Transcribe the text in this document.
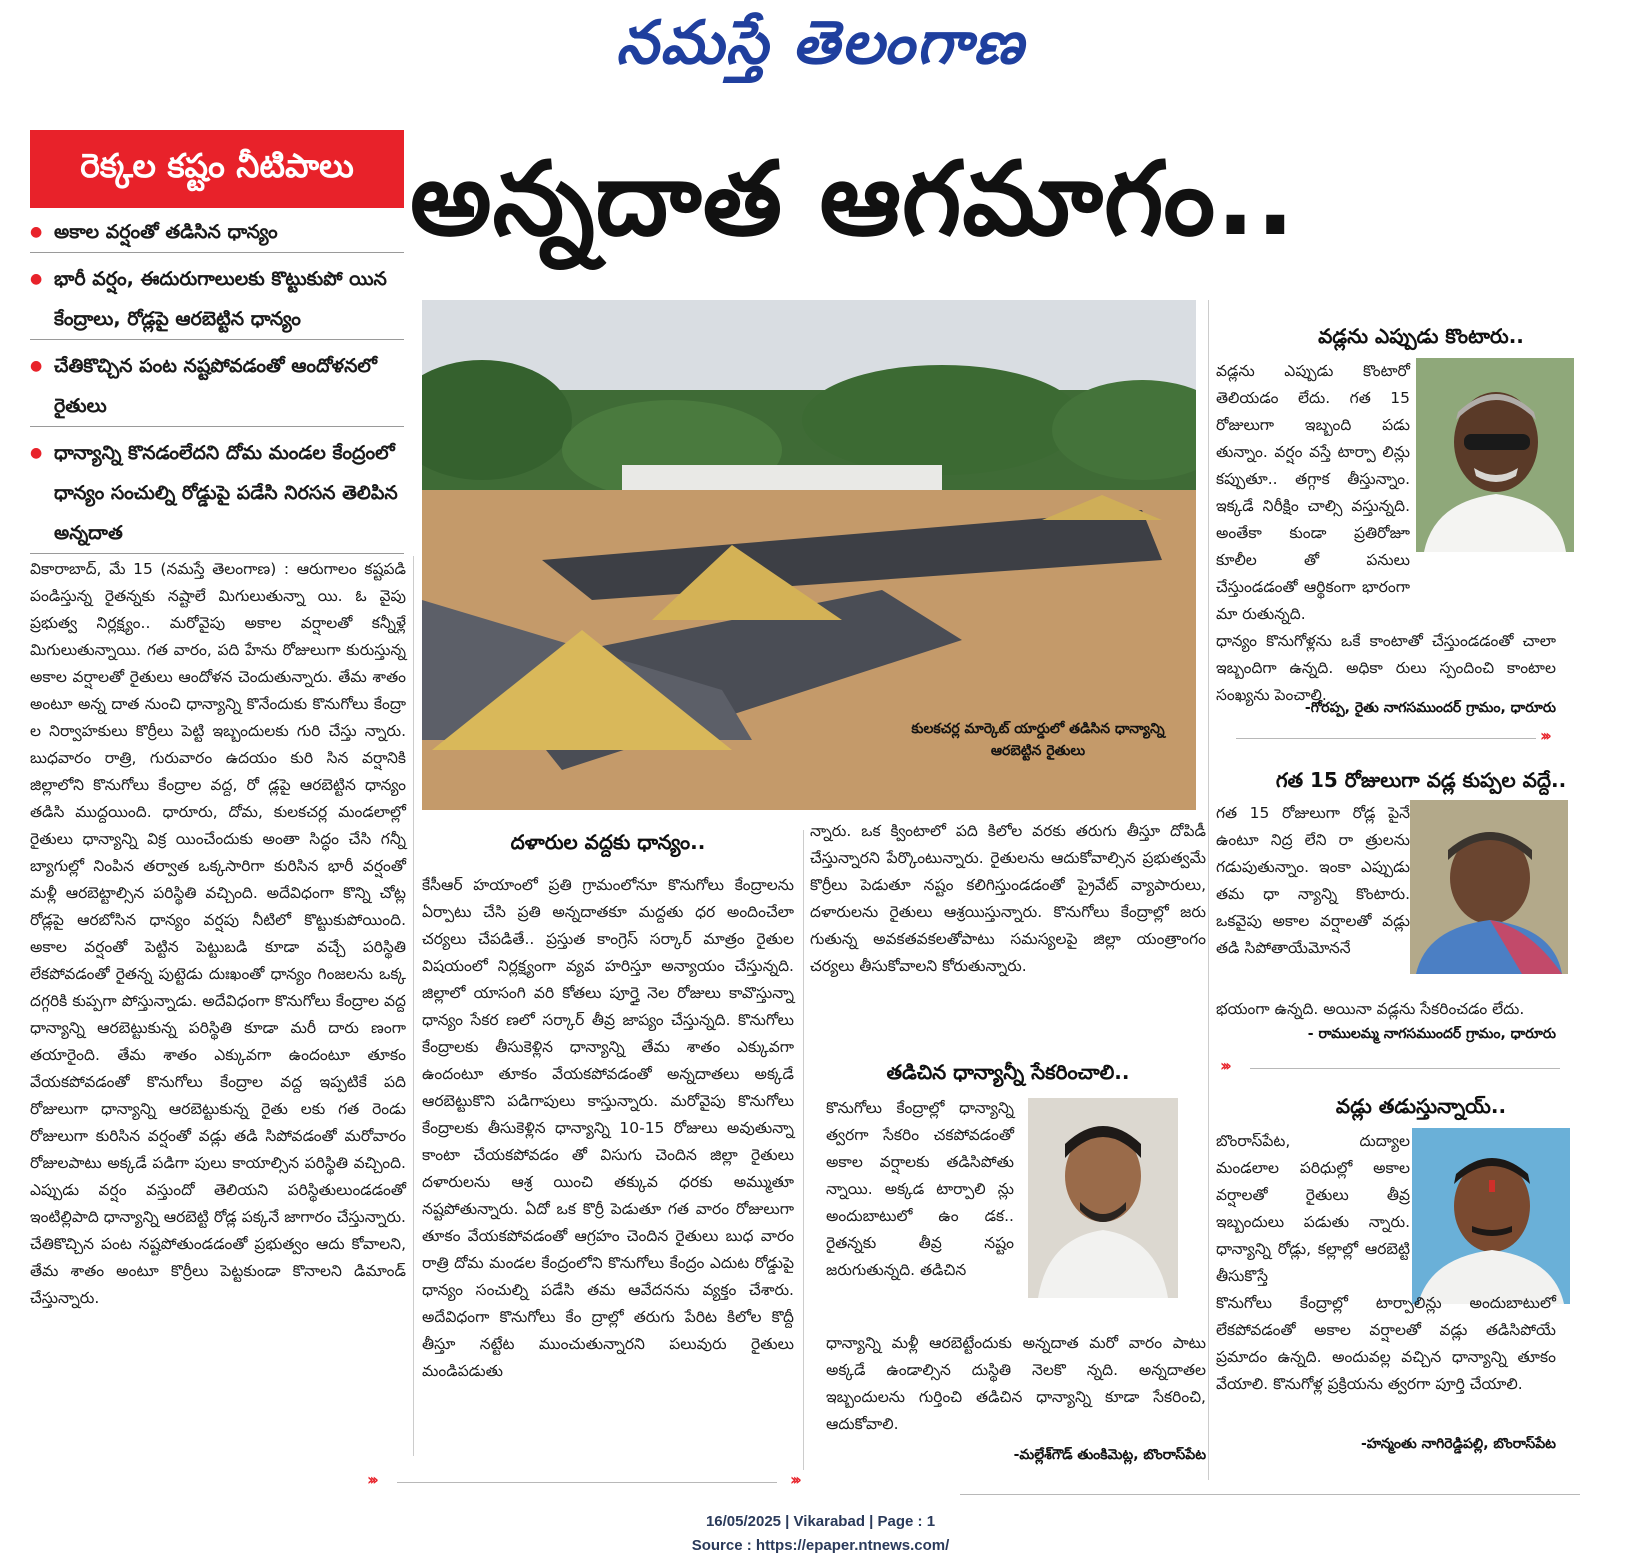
నమస్తే తెలంగాణ
రెక్కల కష్టం నీటిపాలు అన్నదాత ఆగమాగం..
● అకాల వర్షంతో తడిసిన ధాన్యం
● భారీ వర్షం, ఈదురుగాలులకు కొట్టుకుపో యిన కేంద్రాలు, రోడ్లపై ఆరబెట్టిన ధాన్యం
● చేతికొచ్చిన పంట నష్టపోవడంతో ఆందోళనలో రైతులు
● ధాన్యాన్ని కొనడంలేదని దోమ మండల కేంద్రంలో ధాన్యం సంచుల్ని రోడ్డుపై పడేసి నిరసన తెలిపిన అన్నదాత
వికారాబాద్, మే 15 (నమస్తే తెలంగాణ) : ఆరుగాలం కష్టపడి పండిస్తున్న రైతన్నకు నష్టాలే మిగులుతున్నా యి. ఓ వైపు ప్రభుత్వ నిర్లక్ష్యం.. మరోవైపు అకాల వర్షాలతో కన్నీళ్లే మిగులుతున్నాయి. గత వారం, పది హేను రోజులుగా కురుస్తున్న అకాల వర్షాలతో రైతులు ఆందోళన చెందుతున్నారు. తేమ శాతం అంటూ అన్న దాత నుంచి ధాన్యాన్ని కొనేందుకు కొనుగోలు కేంద్రా ల నిర్వాహకులు కొర్రీలు పెట్టి ఇబ్బందులకు గురి చేస్తు న్నారు. బుధవారం రాత్రి, గురువారం ఉదయం కురి సిన వర్షానికి జిల్లాలోని కొనుగోలు కేంద్రాల వద్ద, రో డ్లపై ఆరబెట్టిన ధాన్యం తడిసి ముద్దయింది. ధారూరు, దోమ, కులకచర్ల మండలాల్లో రైతులు ధాన్యాన్ని విక్ర యించేందుకు అంతా సిద్ధం చేసి గన్నీ బ్యాగుల్లో నింపిన తర్వాత ఒక్కసారిగా కురిసిన భారీ వర్షంతో మళ్లీ ఆరబెట్టాల్సిన పరిస్థితి వచ్చింది. అదేవిధంగా కొన్ని చోట్ల రోడ్లపై ఆరబోసిన ధాన్యం వర్షపు నీటిలో కొట్టుకుపోయింది. అకాల వర్షంతో పెట్టిన పెట్టుబడి కూడా వచ్చే పరిస్థితి లేకపోవడంతో రైతన్న పుట్టెడు దుఃఖంతో ధాన్యం గింజలను ఒక్క దగ్గరికి కుప్పగా పోస్తున్నాడు. అదేవిధంగా కొనుగోలు కేంద్రాల వద్ద ధాన్యాన్ని ఆరబెట్టుకున్న పరిస్థితి కూడా మరీ దారు ణంగా తయారైంది. తేమ శాతం ఎక్కువగా ఉందంటూ తూకం వేయకపోవడంతో కొనుగోలు కేంద్రాల వద్ద ఇప్పటికే పది రోజులుగా ధాన్యాన్ని ఆరబెట్టుకున్న రైతు లకు గత రెండు రోజులుగా కురిసిన వర్షంతో వడ్లు తడి సిపోవడంతో మరోవారం రోజులపాటు అక్కడే పడిగా పులు కాయాల్సిన పరిస్థితి వచ్చింది. ఎప్పుడు వర్షం వస్తుందో తెలియని పరిస్థితులుండడంతో ఇంటిల్లిపాది ధాన్యాన్ని ఆరబెట్టి రోడ్ల పక్కనే జాగారం చేస్తున్నారు. చేతికొచ్చిన పంట నష్టపోతుండడంతో ప్రభుత్వం ఆదు కోవాలని, తేమ శాతం అంటూ కొర్రీలు పెట్టకుండా కొనాలని డిమాండ్ చేస్తున్నారు.
కులకచర్ల మార్కెట్ యార్డులో తడిసిన ధాన్యాన్ని ఆరబెట్టిన రైతులు
దళారుల వద్దకు ధాన్యం..
కేసీఆర్ హయాంలో ప్రతి గ్రామంలోనూ కొనుగోలు కేంద్రాలను ఏర్పాటు చేసి ప్రతి అన్నదాతకూ మద్దతు ధర అందించేలా చర్యలు చేపడితే.. ప్రస్తుత కాంగ్రెస్ సర్కార్ మాత్రం రైతుల విషయంలో నిర్లక్ష్యంగా వ్యవ హరిస్తూ అన్యాయం చేస్తున్నది. జిల్లాలో యాసంగి వరి కోతలు పూర్తై నెల రోజులు కావొస్తున్నా ధాన్యం సేకర ణలో సర్కార్ తీవ్ర జాప్యం చేస్తున్నది. కొనుగోలు కేంద్రాలకు తీసుకెళ్లిన ధాన్యాన్ని తేమ శాతం ఎక్కువగా ఉందంటూ తూకం వేయకపోవడంతో అన్నదాతలు అక్కడే ఆరబెట్టుకొని పడిగాపులు కాస్తున్నారు. మరోవైపు కొనుగోలు కేంద్రాలకు తీసుకెళ్లిన ధాన్యాన్ని 10-15 రోజులు అవుతున్నా కాంటా చేయకపోవడం తో విసుగు చెందిన జిల్లా రైతులు దళారులను ఆశ్ర యించి తక్కువ ధరకు అమ్ముతూ నష్టపోతున్నారు. ఏదో ఒక కొర్రీ పెడుతూ గత వారం రోజులుగా తూకం వేయకపోవడంతో ఆగ్రహం చెందిన రైతులు బుధ వారం రాత్రి దోమ మండల కేంద్రంలోని కొనుగోలు కేంద్రం ఎదుట రోడ్డుపై ధాన్యం సంచుల్ని పడేసి తమ ఆవేదనను వ్యక్తం చేశారు. అదేవిధంగా కొనుగోలు కేం ద్రాల్లో తరుగు పేరిట కిలోల కొద్దీ తీస్తూ నట్టేట ముంచుతున్నారని పలువురు రైతులు మండిపడుతు
న్నారు. ఒక క్వింటాలో పది కిలోల వరకు తరుగు తీస్తూ దోపిడీ చేస్తున్నారని పేర్కొంటున్నారు. రైతులను ఆదుకోవాల్సిన ప్రభుత్వమే కొర్రీలు పెడుతూ నష్టం కలిగిస్తుండడంతో ప్రైవేట్ వ్యాపారులు, దళారులను రైతులు ఆశ్రయిస్తున్నారు. కొనుగోలు కేంద్రాల్లో జరు గుతున్న అవకతవకలతోపాటు సమస్యలపై జిల్లా యంత్రాంగం చర్యలు తీసుకోవాలని కోరుతున్నారు.
తడిచిన ధాన్యాన్నీ సేకరించాలి..
కొనుగోలు కేంద్రాల్లో ధాన్యాన్ని త్వరగా సేకరిం చకపోవడంతో అకాల వర్షాలకు తడిసిపోతు న్నాయి. అక్కడ టార్పాలి న్లు అందుబాటులో ఉం డక.. రైతన్నకు తీవ్ర నష్టం జరుగుతున్నది. తడిచిన
ధాన్యాన్ని మళ్లీ ఆరబెట్టేందుకు అన్నదాత మరో వారం పాటు అక్కడే ఉండాల్సిన దుస్థితి నెలకొ న్నది. అన్నదాతల ఇబ్బందులను గుర్తించి తడిచిన ధాన్యాన్ని కూడా సేకరించి, ఆదుకోవాలి.
-మల్లేశ్‌గౌడ్ తుంకిమెట్ల, బొంరాస్‌పేట
వడ్లను ఎప్పుడు కొంటారు..
వడ్లను ఎప్పుడు కొంటారో తెలియడం లేదు. గత 15 రోజులుగా ఇబ్బంది పడు తున్నాం. వర్షం వస్తే టార్పా లిన్లు కప్పుతూ.. తగ్గాక తీస్తున్నాం. ఇక్కడే నిరీక్షిం చాల్సి వస్తున్నది. అంతేకా కుండా ప్రతిరోజూ కూలీల తో పనులు చేస్తుండడంతో ఆర్థికంగా భారంగా మా రుతున్నది.
ధాన్యం కొనుగోళ్లను ఒకే కాంటాతో చేస్తుండడంతో చాలా ఇబ్బందిగా ఉన్నది. అధికా రులు స్పందించి కాంటాల సంఖ్యను పెంచాలి.
-గోరప్ప, రైతు నాగసముందర్ గ్రామం, ధారూరు
గత 15 రోజులుగా వడ్ల కుప్పల వద్దే..
గత 15 రోజులుగా రోడ్ల పైనే ఉంటూ నిద్ర లేని రా త్రులను గడుపుతున్నాం. ఇంకా ఎప్పుడు తమ ధా న్యాన్ని కొంటారు. ఒకవైపు అకాల వర్షాలతో వడ్లు తడి సిపోతాయేమోననే
భయంగా ఉన్నది. అయినా వడ్లను సేకరించడం లేదు.
- రాములమ్మ నాగసముందర్ గ్రామం, ధారూరు
వడ్లు తడుస్తున్నాయ్..
బొంరాస్‌పేట, దుద్యాల మండలాల పరిధుల్లో అకాల వర్షాలతో రైతులు తీవ్ర ఇబ్బందులు పడుతు న్నారు. ధాన్యాన్ని రోడ్లు, కల్లాల్లో ఆరబెట్టి తీసుకొస్తే
కొనుగోలు కేంద్రాల్లో టార్పాలిన్లు అందుబాటులో లేకపోవడంతో అకాల వర్షాలతో వడ్లు తడిసిపోయే ప్రమాదం ఉన్నది. అందువల్ల వచ్చిన ధాన్యాన్ని తూకం వేయాలి. కొనుగోళ్ల ప్రక్రియను త్వరగా పూర్తి చేయాలి.
-హన్మంతు నాగిరెడ్డిపల్లి, బొంరాస్‌పేట
›››
›››
›››	›››
16/05/2025 | Vikarabad | Page : 1
Source : https://epaper.ntnews.com/
